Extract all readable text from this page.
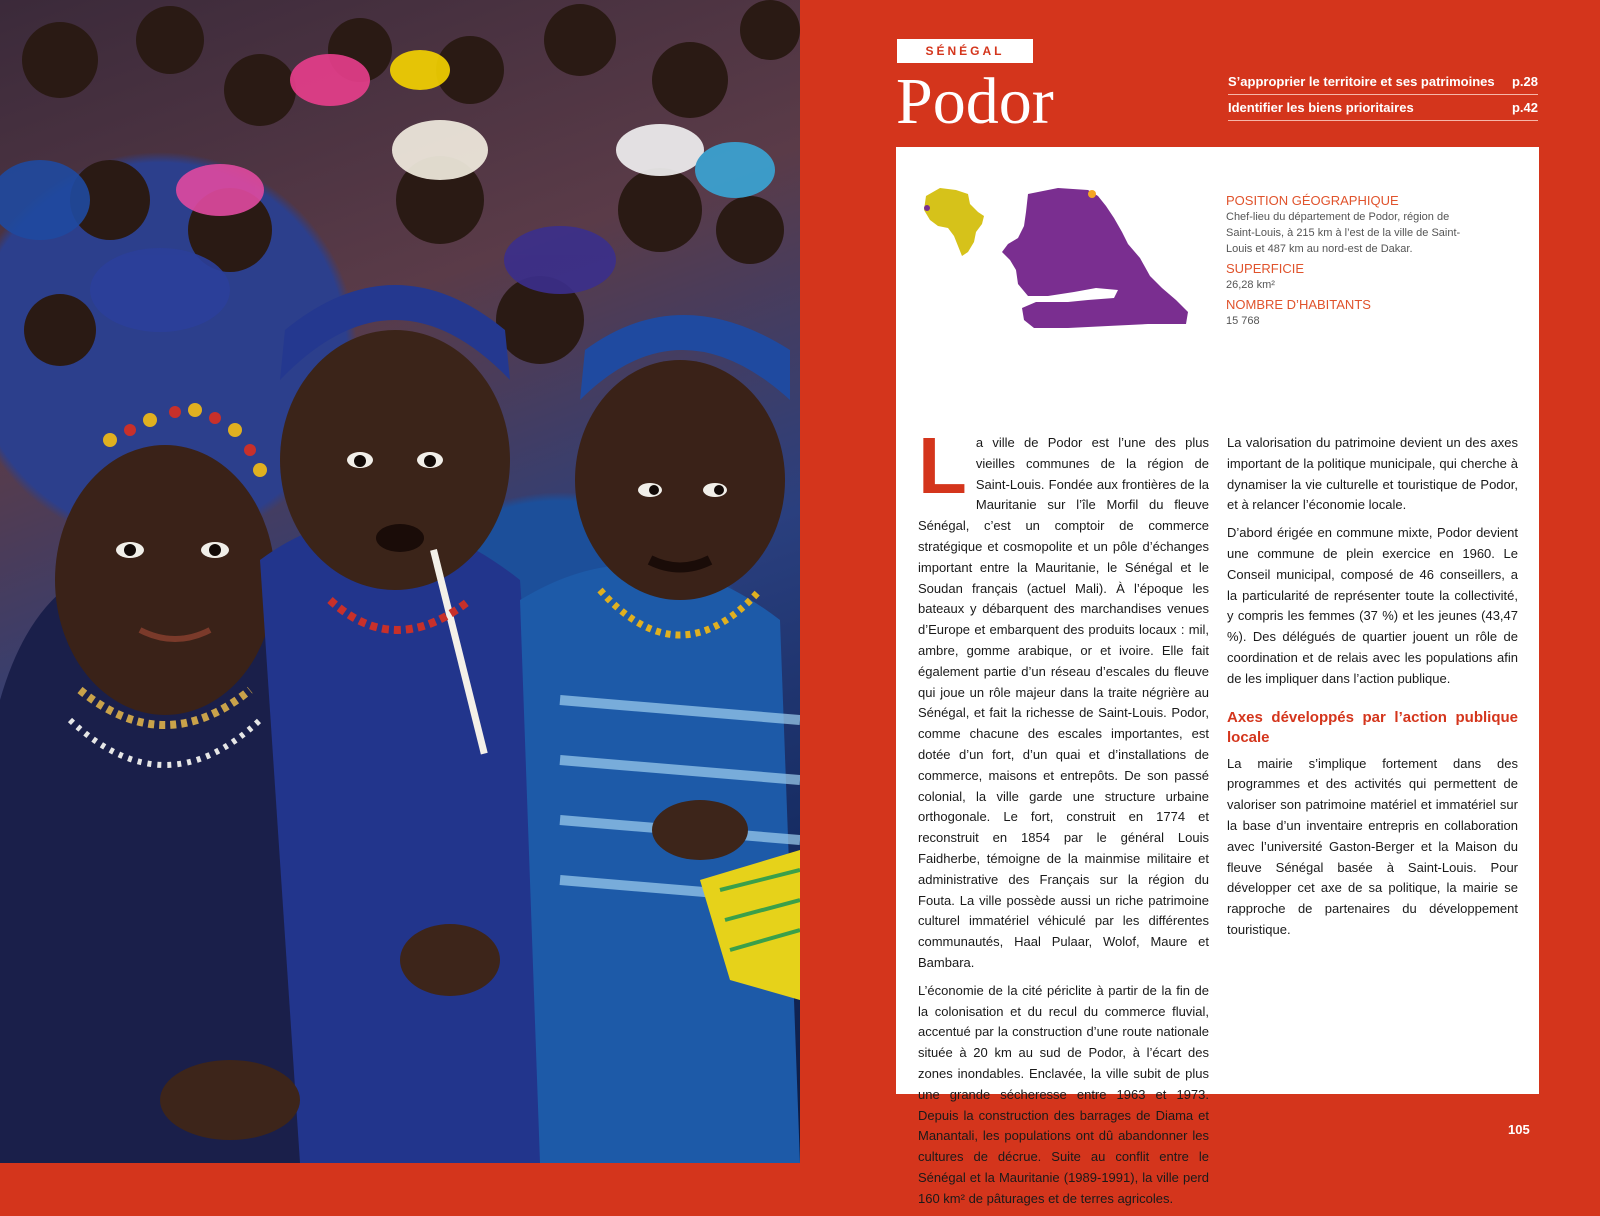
SÉNÉGAL
Podor	S’approprier le territoire et ses patrimoines p.28
Identifier les biens prioritaires	p.42
POSITION GÉOGRAPHIQUE
Chef-lieu du département de Podor, région de Saint-Louis, à 215 km à l’est de la ville de Saint-Louis et 487 km au nord-est de Dakar.
SUPERFICIE
26,28 km²
NOMBRE D’HABITANTS
15 768

L a ville de Podor est l’une des plus vieilles communes de la région de Saint-Louis. Fondée aux frontières de la Mauritanie sur l’île Morfil du fleuve Sénégal, c’est un comptoir de commerce stratégique et cosmopolite et un pôle d’échanges important entre la Mauritanie, le Sénégal et le Soudan français (actuel Mali). À l’époque les bateaux y débarquent des marchandises venues d’Europe et embarquent des produits locaux : mil, ambre, gomme arabique, or et ivoire. Elle fait également partie d’un réseau d’escales du fleuve qui joue un rôle majeur dans la traite négrière au Sénégal, et fait la richesse de Saint-Louis. Podor, comme chacune des escales importantes, est dotée d’un fort, d’un quai et d’installations de commerce, maisons et entrepôts. De son passé colonial, la ville garde une structure urbaine orthogonale. Le fort, construit en 1774 et reconstruit en 1854 par le général Louis Faidherbe, témoigne de la mainmise militaire et administrative des Français sur la région du Fouta. La ville possède aussi un riche patrimoine culturel immatériel véhiculé par les différentes communautés, Haal Pulaar, Wolof, Maure et Bambara.

L’économie de la cité périclite à partir de la fin de la colonisation et du recul du commerce fluvial, accentué par la construction d’une route nationale située à 20 km au sud de Podor, à l’écart des zones inondables. Enclavée, la ville subit de plus une grande sécheresse entre 1963 et 1973. Depuis la construction des barrages de Diama et Manantali, les populations ont dû abandonner les cultures de décrue. Suite au conflit entre le Sénégal et la Mauritanie (1989-1991), la ville perd 160 km² de pâturages et de terres agricoles.

La valorisation du patrimoine devient un des axes important de la politique municipale, qui cherche à dynamiser la vie culturelle et touristique de Podor, et à relancer l’économie locale.

D’abord érigée en commune mixte, Podor devient une commune de plein exercice en 1960. Le Conseil municipal, composé de 46 conseillers, a la particularité de représenter toute la collectivité, y compris les femmes (37 %) et les jeunes (43,47 %). Des délégués de quartier jouent un rôle de coordination et de relais avec les populations afin de les impliquer dans l’action publique.

Axes développés par l’action publique locale

La mairie s’implique fortement dans des programmes et des activités qui permettent de valoriser son patrimoine matériel et immatériel sur la base d’un inventaire entrepris en collaboration avec l’université Gaston-Berger et la Maison du fleuve Sénégal basée à Saint-Louis. Pour développer cet axe de sa politique, la mairie se rapproche de partenaires du développement touristique.

105
